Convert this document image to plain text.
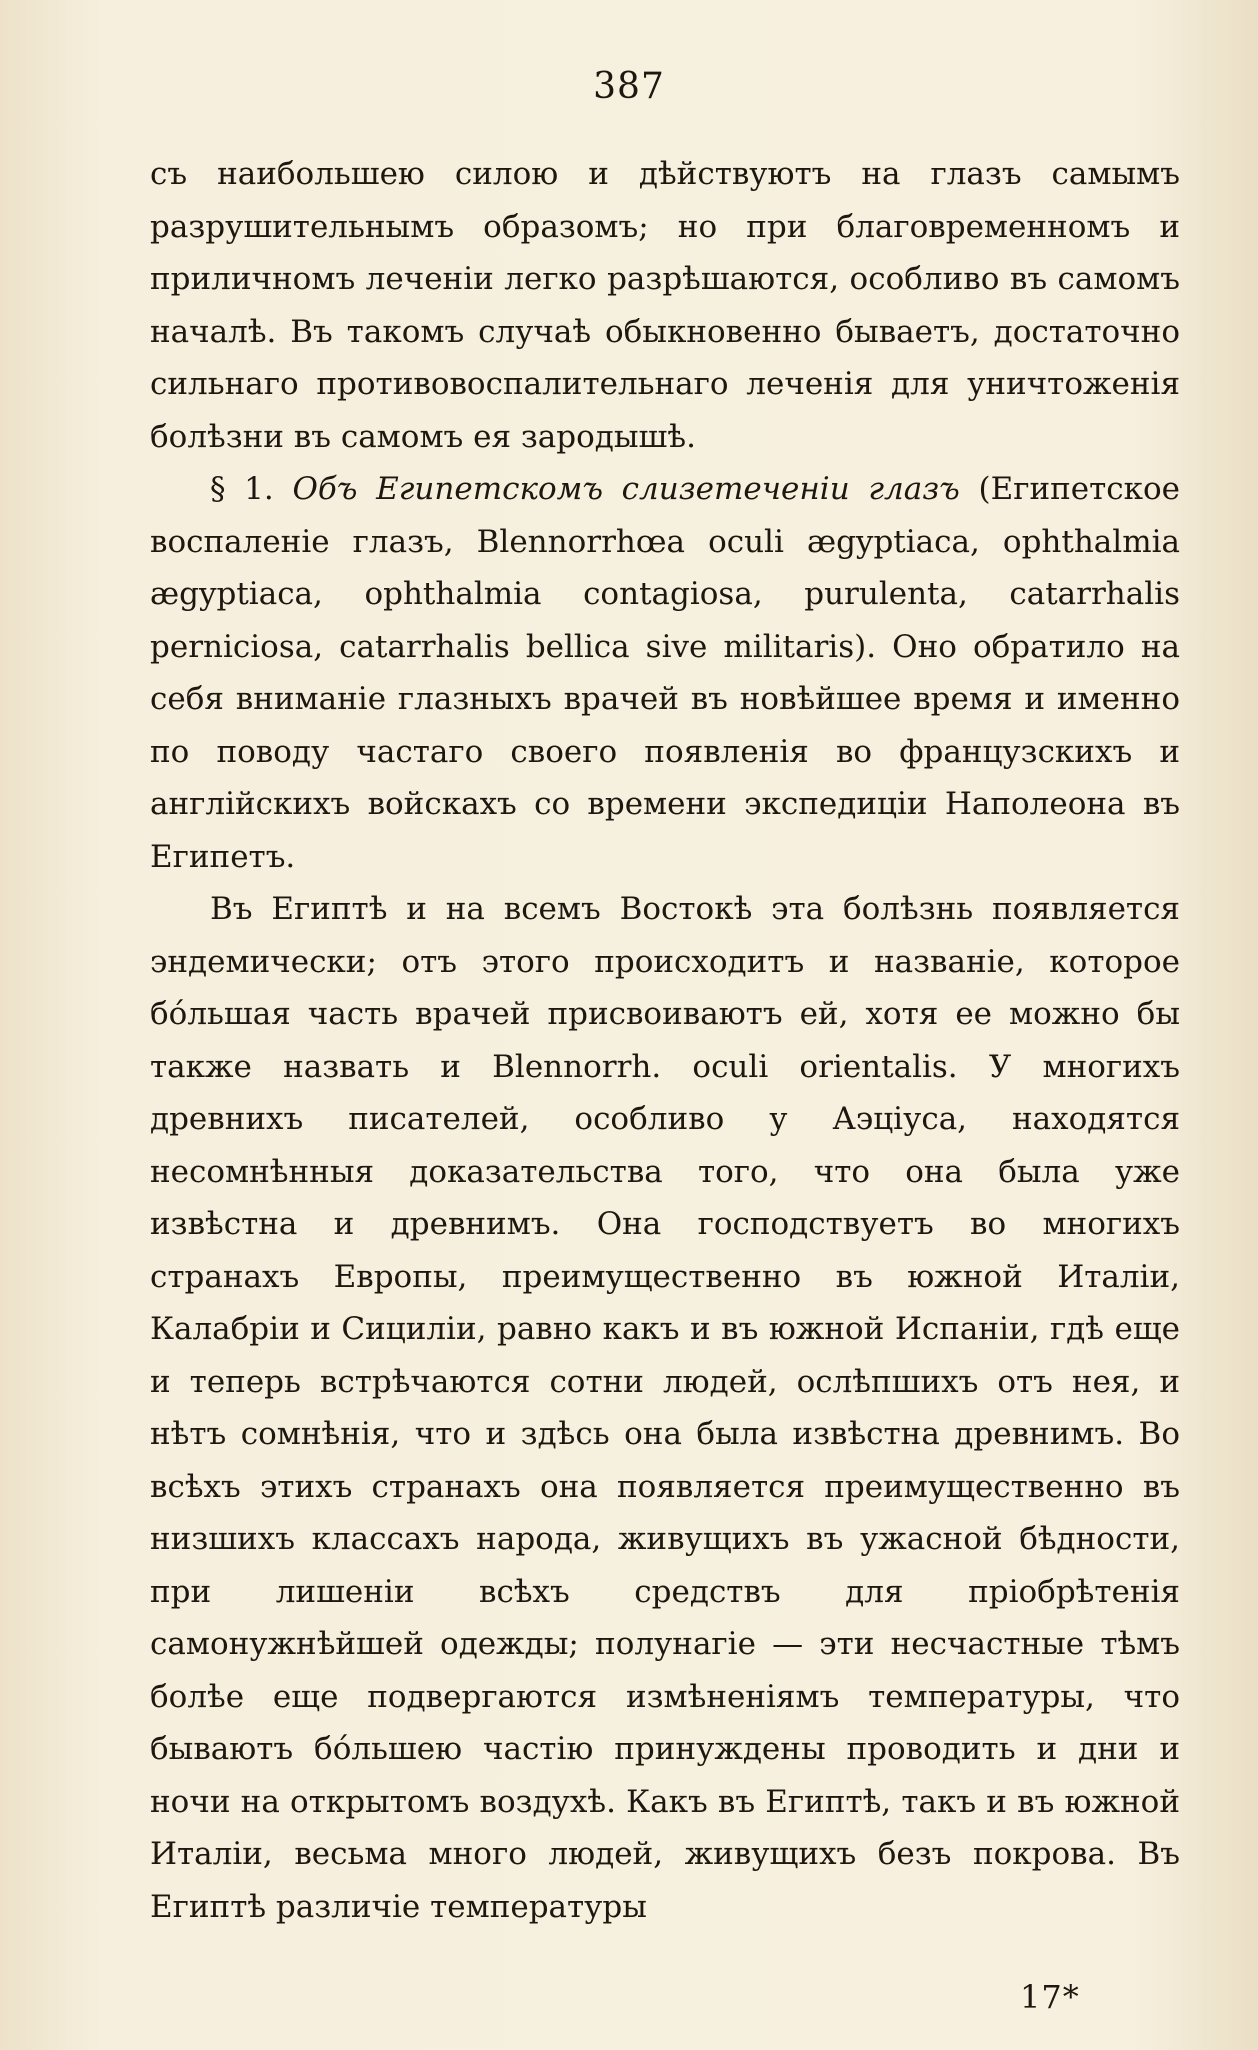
387

съ наибольшею силою и дѣйствуютъ на глазъ самымъ разрушительнымъ образомъ; но при благовременномъ и приличномъ леченіи легко разрѣшаются, особливо въ самомъ началѣ. Въ такомъ случаѣ обыкновенно бываетъ, достаточно сильнаго противовоспалительнаго леченія для уничтоженія болѣзни въ самомъ ея зародышѣ.

§ 1. Объ Египетскомъ слизетеченіи глазъ (Египетское воспаленіе глазъ, Blennorrhœa oculi ægyptiaca, ophthalmia ægyptiaca, ophthalmia contagiosa, purulenta, catarrhalis perniciosa, catarrhalis bellica sive militaris). Оно обратило на себя вниманіе глазныхъ врачей въ новѣйшее время и именно по поводу частаго своего появленія во французскихъ и англійскихъ войскахъ со времени экспедиціи Наполеона въ Египетъ.

Въ Египтѣ и на всемъ Востокѣ эта болѣзнь появляется эндемически; отъ этого происходитъ и названіе, которое бо́льшая часть врачей присвоиваютъ ей, хотя ее можно бы также назвать и Blennorrh. oculi orientalis. У многихъ древнихъ писателей, особливо у Аэціуса, находятся несомнѣнныя доказательства того, что она была уже извѣстна и древнимъ. Она господствуетъ во многихъ странахъ Европы, преимущественно въ южной Италіи, Калабріи и Сициліи, равно какъ и въ южной Испаніи, гдѣ еще и теперь встрѣчаются сотни людей, ослѣпшихъ отъ нея, и нѣтъ сомнѣнія, что и здѣсь она была извѣстна древнимъ. Во всѣхъ этихъ странахъ она появляется преимущественно въ низшихъ классахъ народа, живущихъ въ ужасной бѣдности, при лишеніи всѣхъ средствъ для пріобрѣтенія самонужнѣйшей одежды; полунагіе — эти несчастные тѣмъ болѣе еще подвергаются измѣненіямъ температуры, что бываютъ бо́льшею частію принуждены проводить и дни и ночи на открытомъ воздухѣ. Какъ въ Египтѣ, такъ и въ южной Италіи, весьма много людей, живущихъ безъ покрова. Въ Египтѣ различіе температуры

17*
